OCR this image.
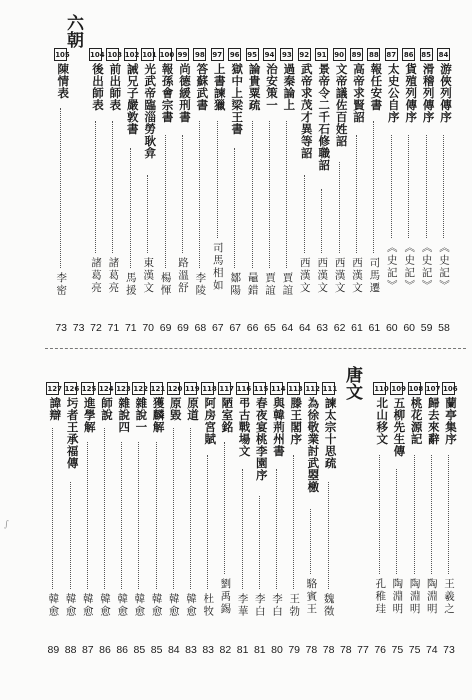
84
游俠列傳序
《史記》
58
85
滑稽列傳序
《史記》
59
86
貨殖列傳序
《史記》
60
87
太史公自序
《史記》
60
88
報任安書
司馬遷
61
89
高帝求賢詔
西漢文
61
90
文帝議佐百姓詔
西漢文
62
91
景帝令二千石修職詔
西漢文
63
92
武帝求茂才異等詔
西漢文
64
93
過秦論上
賈誼
64
94
治安策一
賈誼
65
95
論貴粟疏
鼂錯
66
96
獄中上梁王書
鄒陽
67
97
上書諫獵
司馬相如
67
98
答蘇武書
李陵
68
99
尚德緩刑書
路溫舒
69
100
報孫會宗書
楊惲
69
101
光武帝臨淄勞耿弇
東漢文
70
102
誡兄子嚴敦書
馬援
71
103
前出師表
諸葛亮
71
104
後出師表
諸葛亮
72
73
105
陳情表
李密
73
106
蘭亭集序
王羲之
73
107
歸去來辭
陶淵明
74
108
桃花源記
陶淵明
75
109
五柳先生傳
陶淵明
75
110
北山移文
孔稚珪
76
77
78
111
諫太宗十思疏
魏徵
78
112
為徐敬業討武曌檄
駱賓王
78
113
滕王閣序
王勃
79
114
與韓荊州書
李白
80
115
春夜宴桃李園序
李白
81
116
弔古戰場文
李華
81
117
陋室銘
劉禹錫
82
118
阿房宮賦
杜牧
83
119
原道
韓愈
83
120
原毀
韓愈
84
121
獲麟解
韓愈
85
122
雜說一
韓愈
85
123
雜說四
韓愈
86
124
師說
韓愈
86
125
進學解
韓愈
87
126
圬者王承福傳
韓愈
88
127
諱辯
韓愈
89
六朝
唐文
∫
